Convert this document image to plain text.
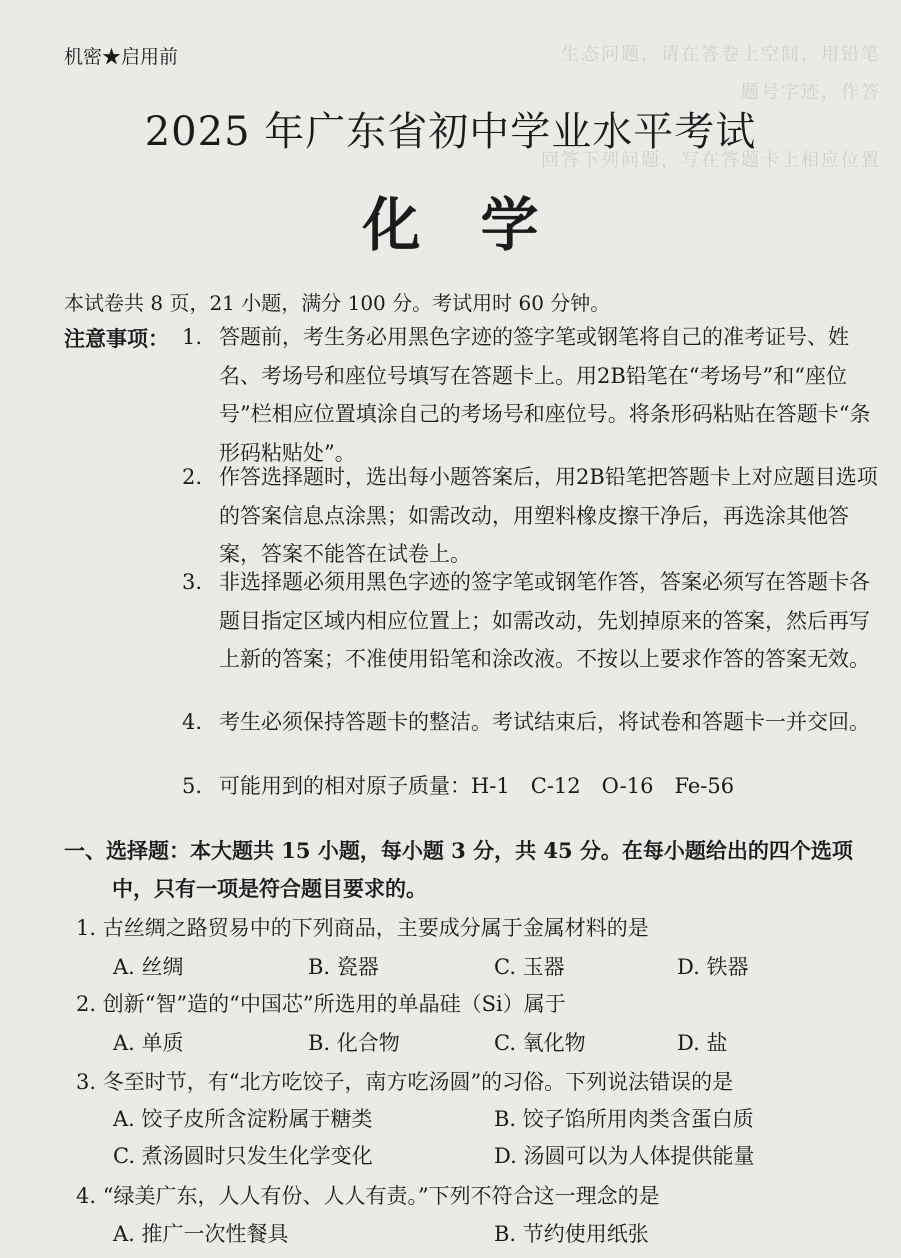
生态问题，请在答卷上空间，用铅笔
题号字迹，作答
回答下列问题，写在答题卡上相应位置
机密★启用前
2025 年广东省初中学业水平考试
化学
本试卷共 8 页，21 小题，满分 100 分。考试用时 60 分钟。
注意事项： 1. 答题前，考生务必用黑色字迹的签字笔或钢笔将自己的准考证号、姓名、考场号和座位号填写在答题卡上。用2B铅笔在“考场号”和“座位号”栏相应位置填涂自己的考场号和座位号。将条形码粘贴在答题卡“条形码粘贴处”。
2. 作答选择题时，选出每小题答案后，用2B铅笔把答题卡上对应题目选项的答案信息点涂黑；如需改动，用塑料橡皮擦干净后，再选涂其他答案，答案不能答在试卷上。
3. 非选择题必须用黑色字迹的签字笔或钢笔作答，答案必须写在答题卡各题目指定区域内相应位置上；如需改动，先划掉原来的答案，然后再写上新的答案；不准使用铅笔和涂改液。不按以上要求作答的答案无效。
4. 考生必须保持答题卡的整洁。考试结束后，将试卷和答题卡一并交回。
5. 可能用到的相对原子质量：H-1　C-12　O-16　Fe-56
一、选择题：本大题共 15 小题，每小题 3 分，共 45 分。在每小题给出的四个选项中，只有一项是符合题目要求的。
1. 古丝绸之路贸易中的下列商品，主要成分属于金属材料的是
A. 丝绸	B. 瓷器	C. 玉器	D. 铁器
2. 创新“智”造的“中国芯”所选用的单晶硅（Si）属于
A. 单质	B. 化合物	C. 氧化物	D. 盐
3. 冬至时节，有“北方吃饺子，南方吃汤圆”的习俗。下列说法错误的是
A. 饺子皮所含淀粉属于糖类	B. 饺子馅所用肉类含蛋白质
C. 煮汤圆时只发生化学变化	D. 汤圆可以为人体提供能量
4. “绿美广东，人人有份、人人有责。”下列不符合这一理念的是
A. 推广一次性餐具	B. 节约使用纸张
